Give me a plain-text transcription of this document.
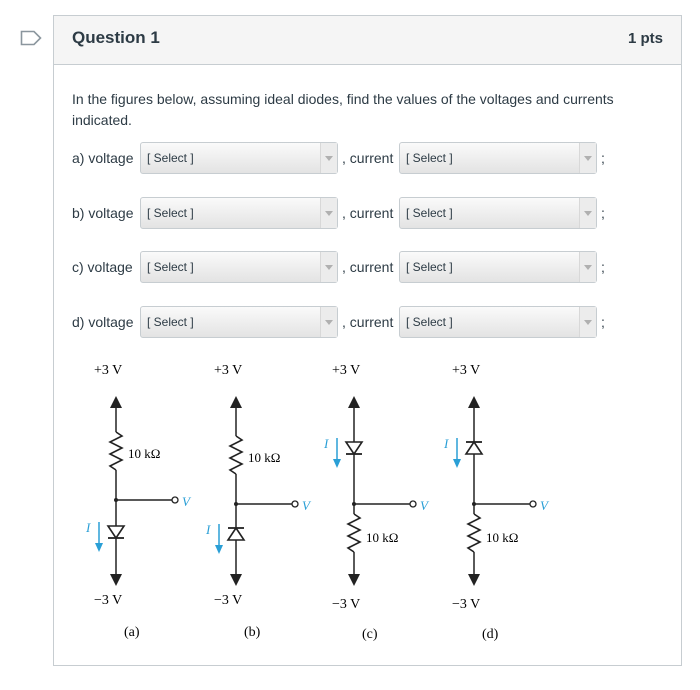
Question 1	1 pts
In the figures below, assuming ideal diodes, find the values of the voltages and currents indicated.
a) voltage [ Select ]	, current [ Select ]	;
b) voltage [ Select ]	, current [ Select ]	;
c) voltage [ Select ]	, current [ Select ]	;
d) voltage [ Select ]	, current [ Select ]	;
+3 V
10 kΩ
V
I
−3 V
(a)
+3 V
10 kΩ
V
I
−3 V
(b)
+3 V
I
V
10 kΩ
−3 V
(c)
+3 V
I
V
10 kΩ
−3 V
(d)
